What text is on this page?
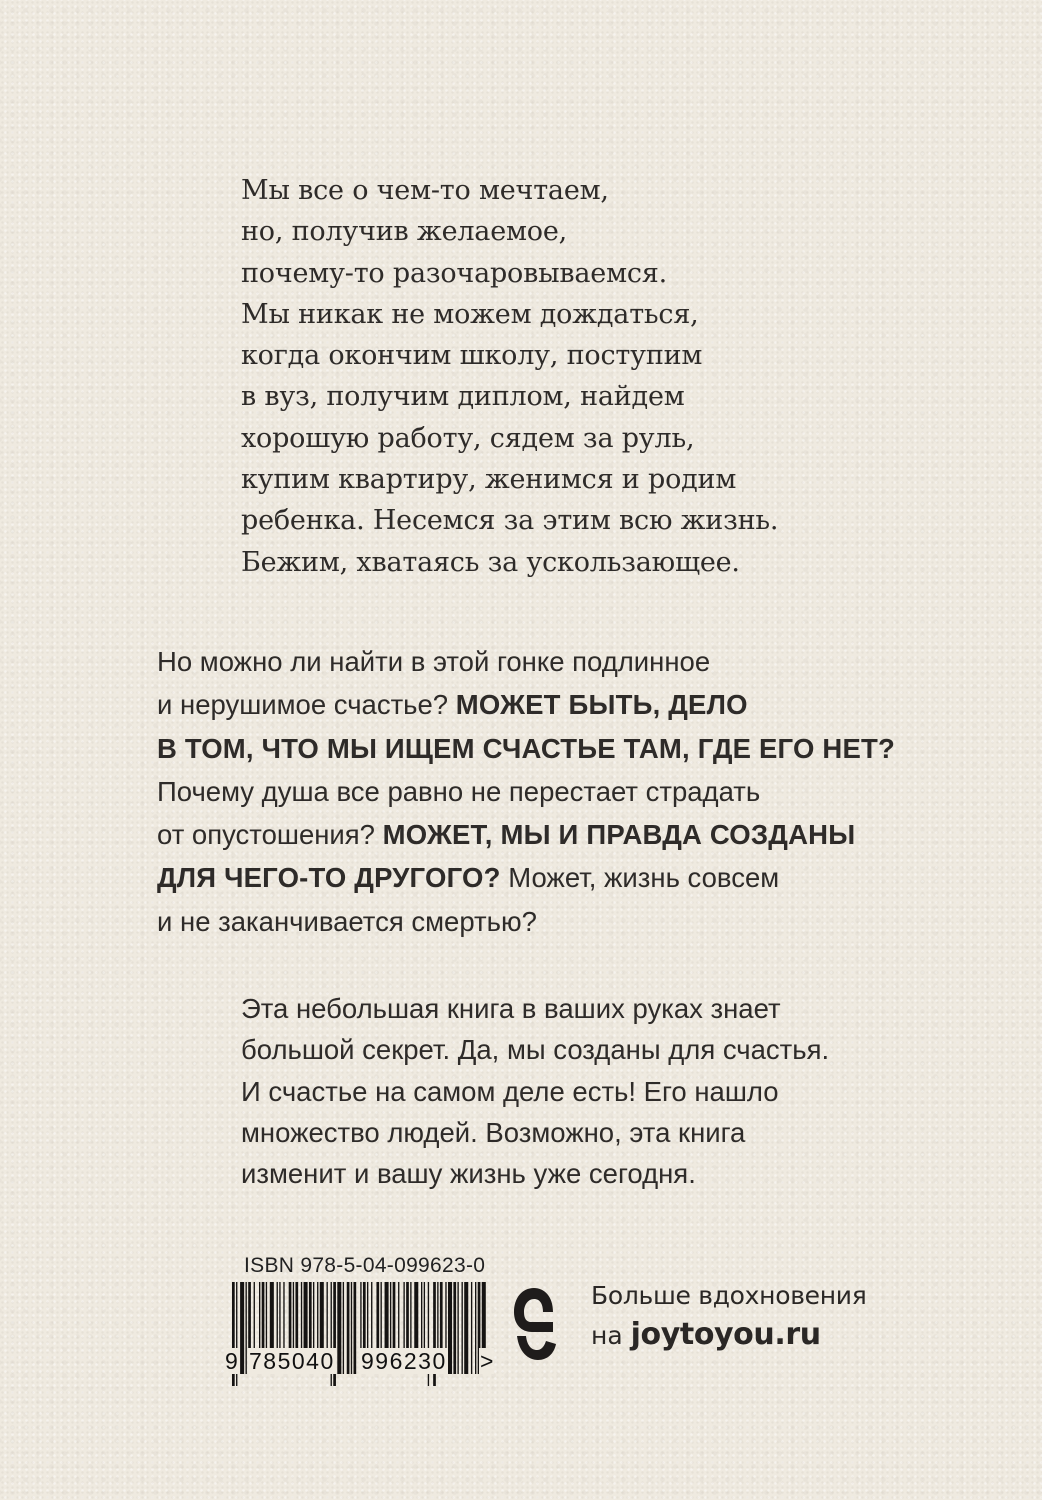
Мы все о чем-то мечтаем,
но, получив желаемое,
почему-то разочаровываемся.
Мы никак не можем дождаться,
когда окончим школу, поступим
в вуз, получим диплом, найдем
хорошую работу, сядем за руль,
купим квартиру, женимся и родим
ребенка. Несемся за этим всю жизнь.
Бежим, хватаясь за ускользающее.
Но можно ли найти в этой гонке подлинное
и нерушимое счастье? МОЖЕТ БЫТЬ, ДЕЛО
В ТОМ, ЧТО МЫ ИЩЕМ СЧАСТЬЕ ТАМ, ГДЕ ЕГО НЕТ?
Почему душа все равно не перестает страдать
от опустошения? МОЖЕТ, МЫ И ПРАВДА СОЗДАНЫ
ДЛЯ ЧЕГО-ТО ДРУГОГО? Может, жизнь совсем
и не заканчивается смертью?
Эта небольшая книга в ваших руках знает
большой секрет. Да, мы созданы для счастья.
И счастье на самом деле есть! Его нашло
множество людей. Возможно, эта книга
изменит и вашу жизнь уже сегодня.
ISBN 978-5-04-099623-0
9 785040 996230 >
Больше вдохновения
на joytoyou.ru
